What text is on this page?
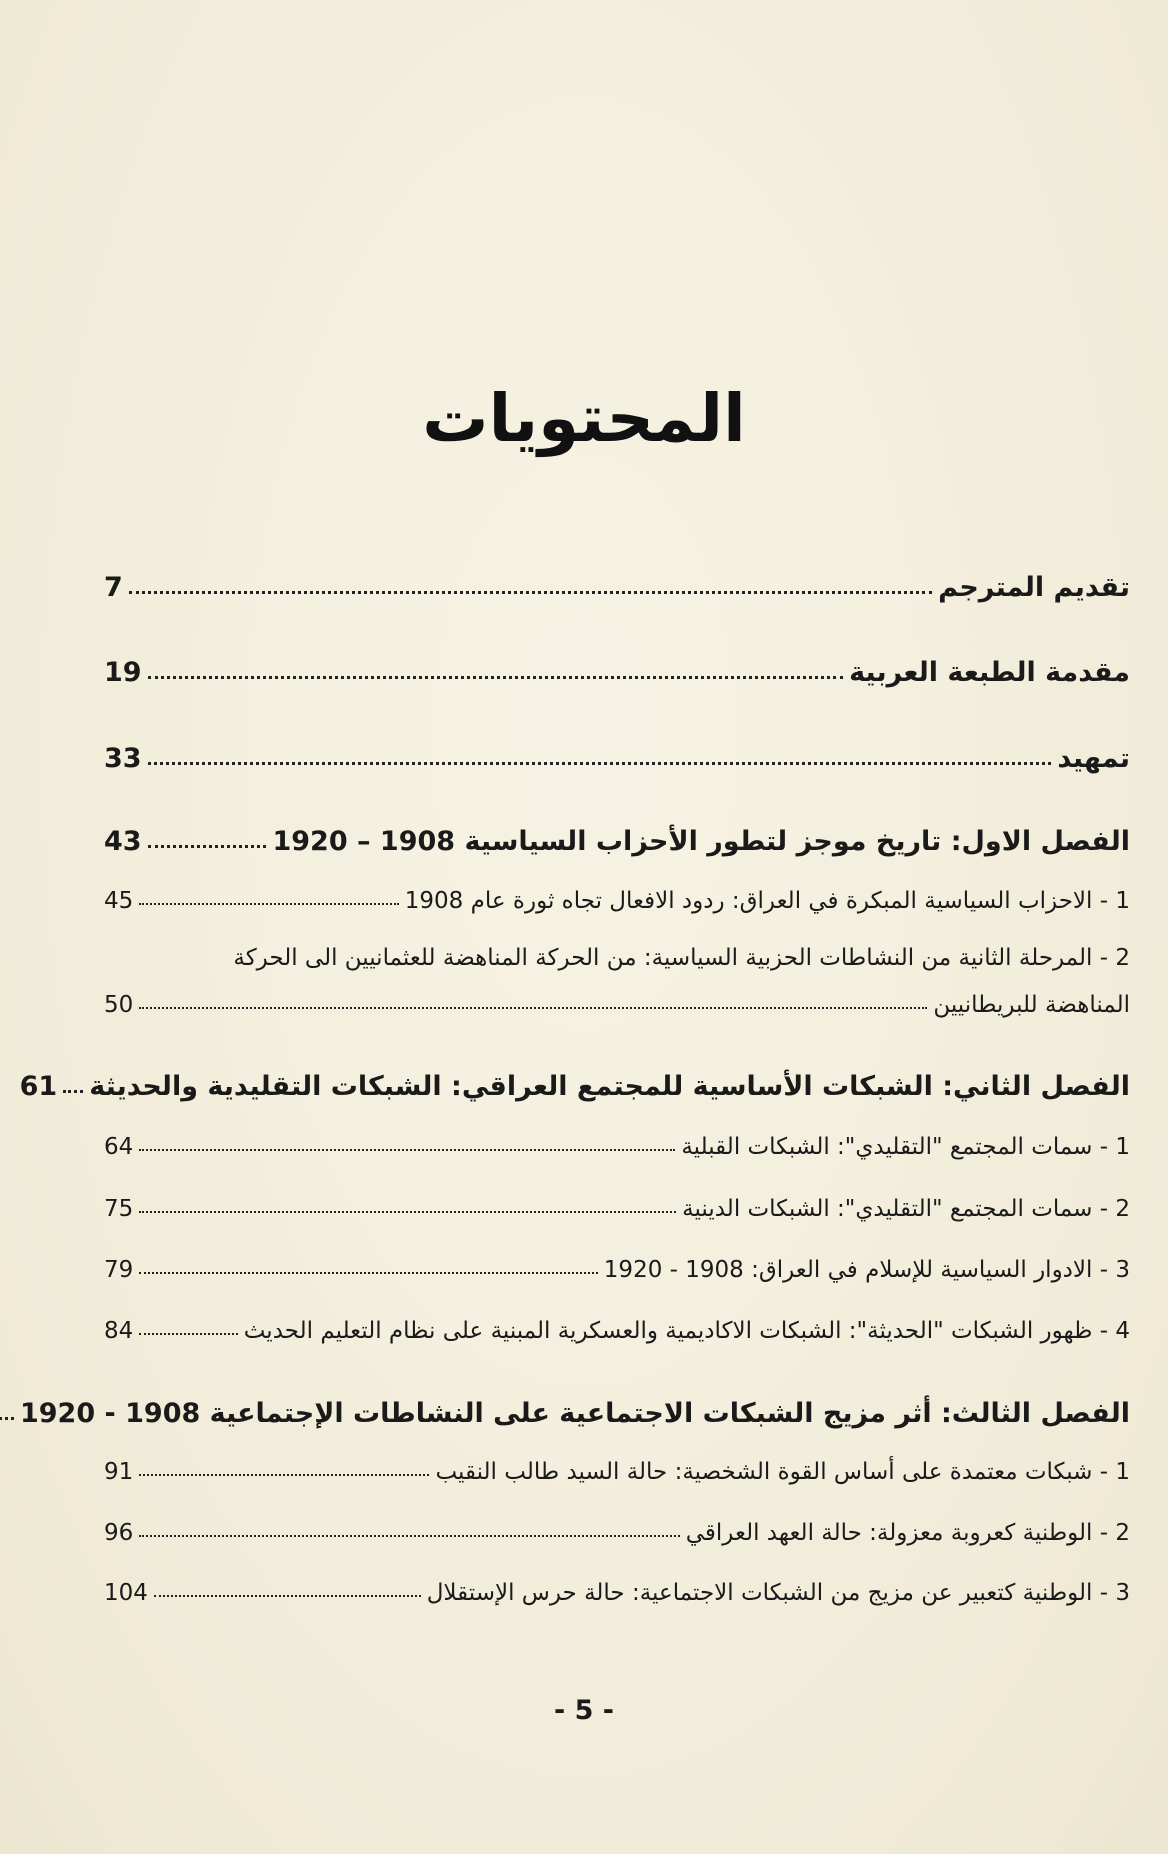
المحتويات
تقديم المترجم
7
مقدمة الطبعة العربية
19
تمهيد
33
الفصل الاول: تاريخ موجز لتطور الأحزاب السياسية 1908 – 1920
43
1 - الاحزاب السياسية المبكرة في العراق: ردود الافعال تجاه ثورة عام 1908
45
2 - المرحلة الثانية من النشاطات الحزبية السياسية: من الحركة المناهضة للعثمانيين الى الحركة
المناهضة للبريطانيين
50
الفصل الثاني: الشبكات الأساسية للمجتمع العراقي: الشبكات التقليدية والحديثة
61
1 - سمات المجتمع "التقليدي": الشبكات القبلية
64
2 - سمات المجتمع "التقليدي": الشبكات الدينية
75
3 - الادوار السياسية للإسلام في العراق: 1908 - 1920
79
4 - ظهور الشبكات "الحديثة": الشبكات الاكاديمية والعسكرية المبنية على نظام التعليم الحديث
84
الفصل الثالث: أثر مزيج الشبكات الاجتماعية على النشاطات الإجتماعية 1908 - 1920
1 - شبكات معتمدة على أساس القوة الشخصية: حالة السيد طالب النقيب
91
2 - الوطنية كعروبة معزولة: حالة العهد العراقي
96
3 - الوطنية كتعبير عن مزيج من الشبكات الاجتماعية: حالة حرس الإستقلال
104
- 5 -
